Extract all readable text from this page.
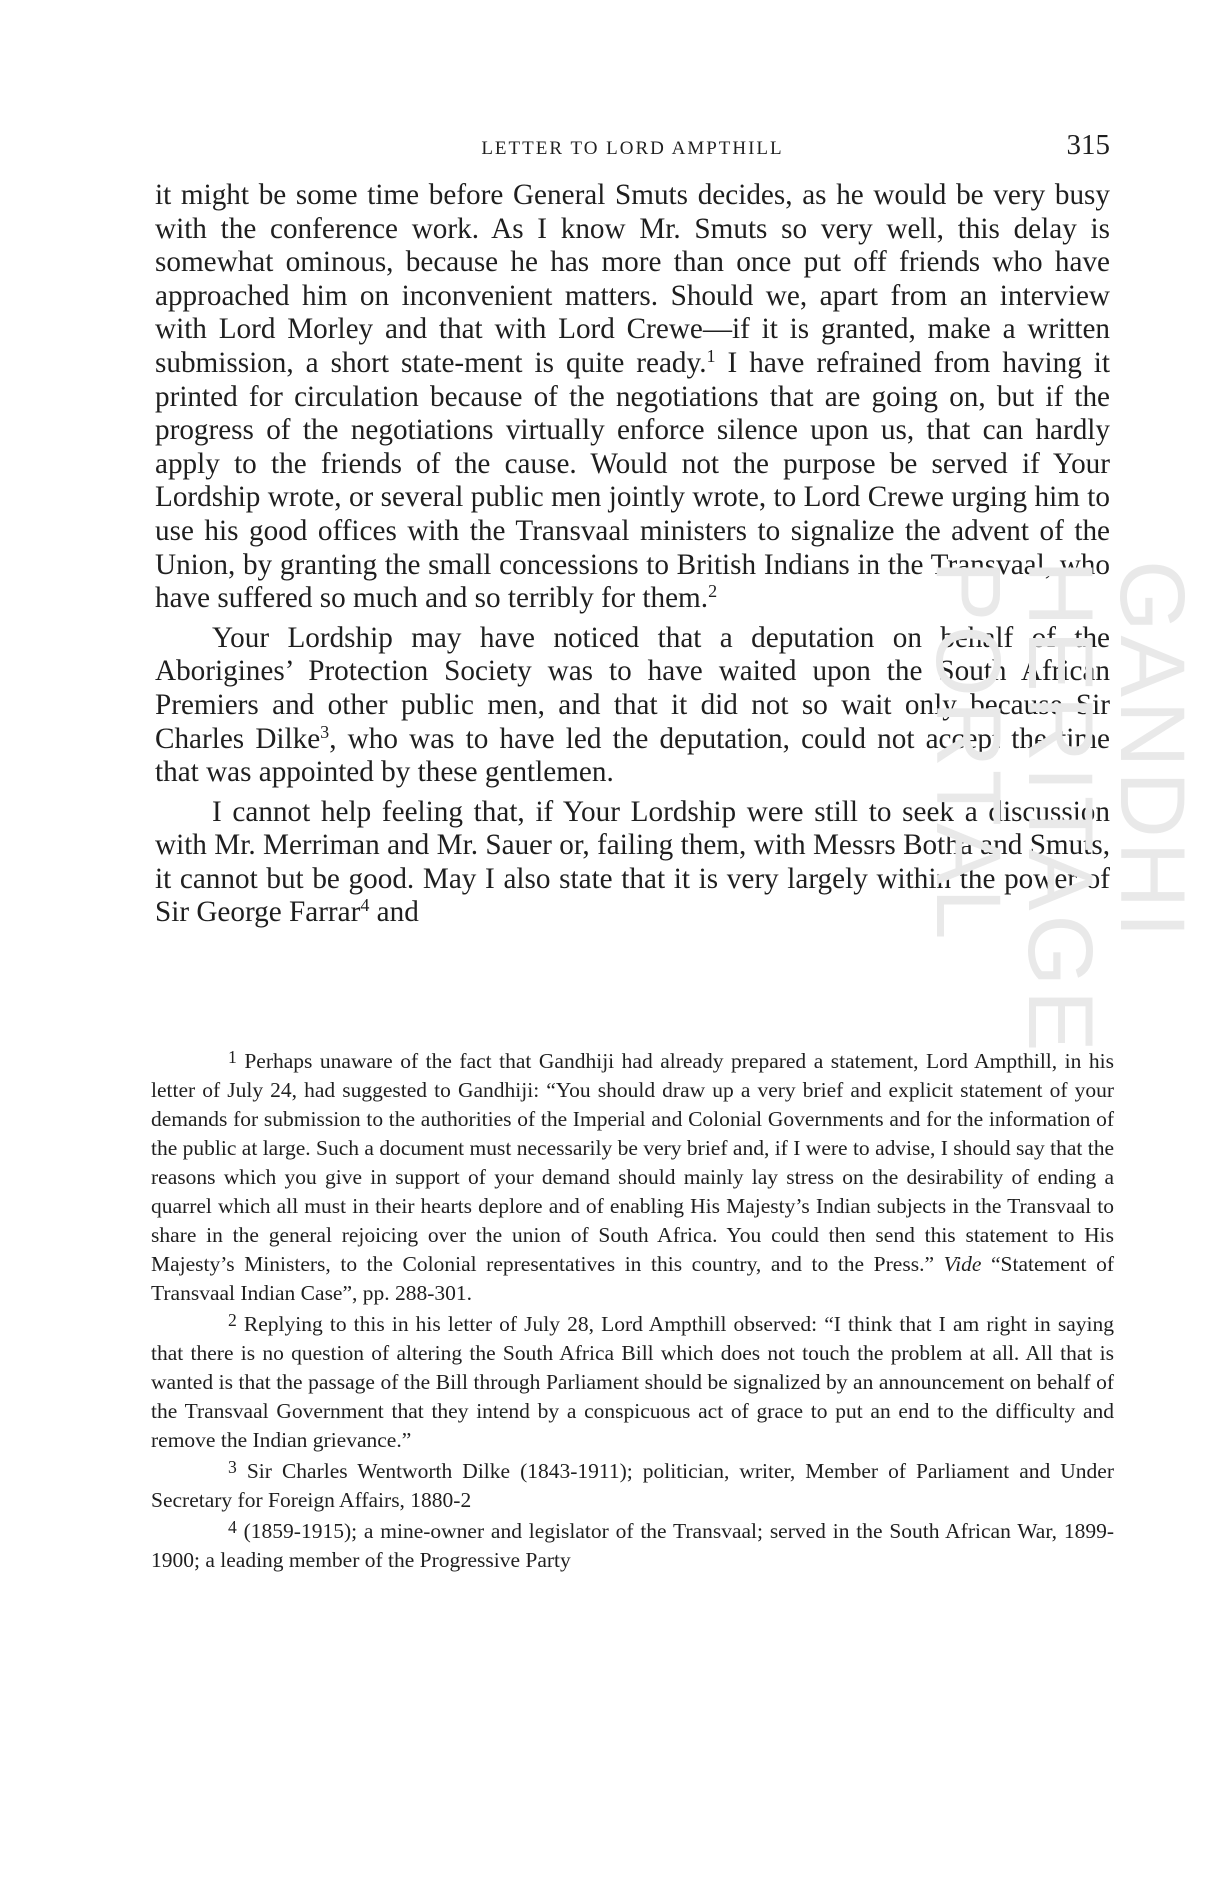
LETTER TO LORD AMPTHILL	315

it might be some time before General Smuts decides, as he would be very busy with the conference work. As I know Mr. Smuts so very well, this delay is somewhat ominous, because he has more than once put off friends who have approached him on inconvenient matters. Should we, apart from an interview with Lord Morley and that with Lord Crewe—if it is granted, make a written submission, a short state-ment is quite ready.$^1$ I have refrained from having it printed for circulation because of the negotiations that are going on, but if the progress of the negotiations virtually enforce silence upon us, that can hardly apply to the friends of the cause. Would not the purpose be served if Your Lordship wrote, or several public men jointly wrote, to Lord Crewe urging him to use his good offices with the Transvaal ministers to signalize the advent of the Union, by granting the small concessions to British Indians in the Transvaal, who have suffered so much and so terribly for them.$^2$

Your Lordship may have noticed that a deputation on behalf of the Aborigines’ Protection Society was to have waited upon the South African Premiers and other public men, and that it did not so wait only because Sir Charles Dilke$^3$, who was to have led the deputation, could not accept the time that was appointed by these gentlemen.

I cannot help feeling that, if Your Lordship were still to seek a discussion with Mr. Merriman and Mr. Sauer or, failing them, with Messrs Botha and Smuts, it cannot but be good. May I also state that it is very largely within the power of Sir George Farrar$^4$ and

$^1$ Perhaps unaware of the fact that Gandhiji had already prepared a statement, Lord Ampthill, in his letter of July 24, had suggested to Gandhiji: “You should draw up a very brief and explicit statement of your demands for submission to the authorities of the Imperial and Colonial Governments and for the information of the public at large. Such a document must necessarily be very brief and, if I were to advise, I should say that the reasons which you give in support of your demand should mainly lay stress on the desirability of ending a quarrel which all must in their hearts deplore and of enabling His Majesty’s Indian subjects in the Transvaal to share in the general rejoicing over the union of South Africa. You could then send this statement to His Majesty’s Ministers, to the Colonial representatives in this country, and to the Press.” Vide “Statement of Transvaal Indian Case”, pp. 288-301.

$^2$ Replying to this in his letter of July 28, Lord Ampthill observed: “I think that I am right in saying that there is no question of altering the South Africa Bill which does not touch the problem at all. All that is wanted is that the passage of the Bill through Parliament should be signalized by an announcement on behalf of the Transvaal Government that they intend by a conspicuous act of grace to put an end to the difficulty and remove the Indian grievance.”

$^3$ Sir Charles Wentworth Dilke (1843-1911); politician, writer, Member of Parliament and Under Secretary for Foreign Affairs, 1880-2

$^4$ (1859-1915); a mine-owner and legislator of the Transvaal; served in the South African War, 1899-1900; a leading member of the Progressive Party

GANDHI HERITAGE PORTAL
